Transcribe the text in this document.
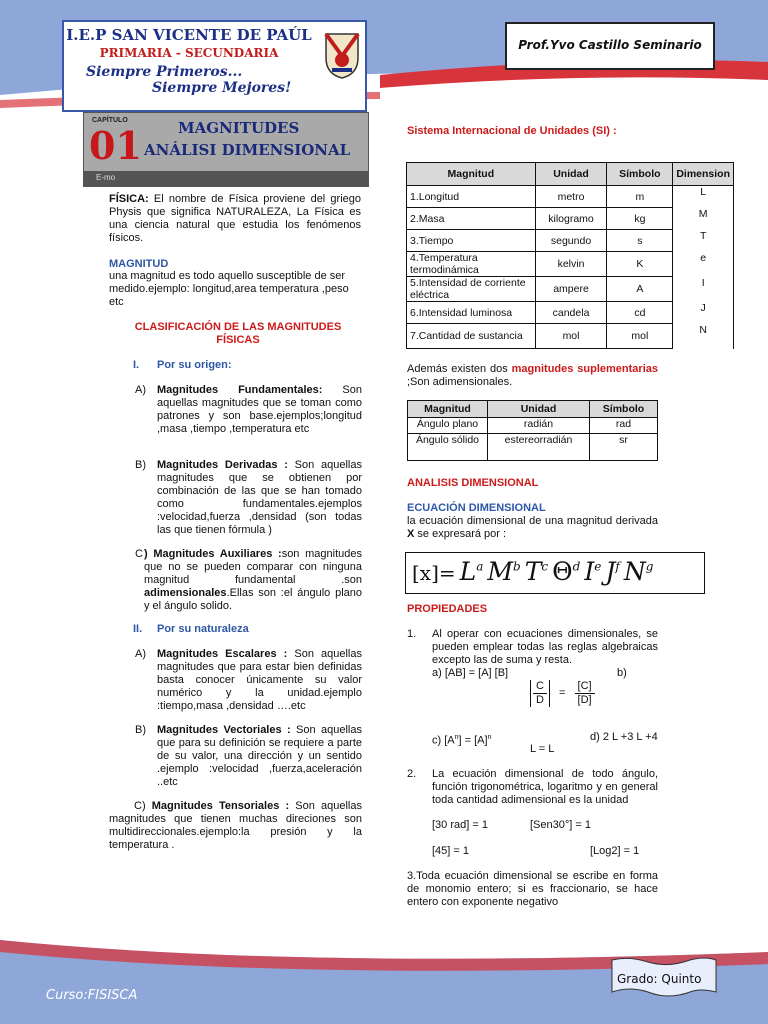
I.E.P SAN VICENTE DE PAÚL
PRIMARIA - SECUNDARIA
Siempre Primeros...
Siempre Mejores!
Prof.Yvo Castillo Seminario
CAPÍTULO
01 MAGNITUDES
ANÁLISI DIMENSIONAL
E-mo
FÍSICA: El nombre de Física proviene del griego Physis que significa NATURALEZA, La Física es una ciencia natural que estudia los fenómenos físicos.
MAGNITUD
una magnitud es todo aquello susceptible de ser medido.ejemplo: longitud,area temperatura ,peso etc
CLASIFICACIÓN DE LAS MAGNITUDES FÍSICAS
I. Por su origen:
A) Magnitudes Fundamentales: Son aquellas magnitudes que se toman como patrones y son base.ejemplos;longitud ,masa ,tiempo ,temperatura etc
B) Magnitudes Derivadas : Son aquellas magnitudes que se obtienen por combinación de las que se han tomado como fundamentales.ejemplos :velocidad,fuerza ,densidad (son todas las que tienen fórmula )
C ) Magnitudes Auxiliares :son magnitudes que no se pueden comparar con ninguna magnitud fundamental .son adimensionales.Ellas son :el ángulo plano y el ángulo solido.
II. Por su naturaleza
A) Magnitudes Escalares : Son aquellas magnitudes que para estar bien definidas basta conocer únicamente su valor numérico y la unidad.ejemplo :tiempo,masa ,densidad ….etc
B) Magnitudes Vectoriales : Son aquellas que para su definición se requiere a parte de su valor, una dirección y un sentido .ejemplo :velocidad ,fuerza,aceleración ..etc
C) Magnitudes Tensoriales : Son aquellas magnitudes que tienen muchas direciones son multidireccionales.ejemplo:la presión y la temperatura .
Sistema Internacional de Unidades (SI) :
Magnitud	Unidad	Símbolo	Dimension
1.Longitud	metro	m	L
2.Masa	kilogramo	kg	M
3.Tiempo	segundo	s	T
4.Temperatura termodinámica	kelvin	K	e
5.Intensidad de corriente eléctrica	ampere	A	I
6.Intensidad luminosa	candela	cd	J
7.Cantidad de sustancia	mol	mol	N
Además existen dos magnitudes suplementarias ;Son adimensionales.
Magnitud	Unidad	Símbolo
Ángulo plano	radián	rad
Ángulo sólido	estereorradián	sr
ANALISIS DIMENSIONAL
ECUACIÓN DIMENSIONAL
la ecuación dimensional de una magnitud derivada X se expresará por :
$[x]= L^a$ $M^b$ $T^c$ $\Theta^d$ Ie $J^f$ $N^g$
PROPIEDADES
1. Al operar con ecuaciones dimensionales, se pueden emplear todas las reglas algebraicas excepto las de suma y resta.
a) [AB] = [A] [B]	b)
$\frac{C}{D} = \frac{[C]}{[D]}$
c) $[A^n] = [A]^n$	d) 2 L +3 L +4
L = L
2. La ecuación dimensional de todo ángulo, función trigonométrica, logaritmo y en general toda cantidad adimensional es la unidad
[30 rad] = 1	[Sen30°] = 1
[45] = 1	[Log2] = 1
3.Toda ecuación dimensional se escribe en forma de monomio entero; si es fraccionario, se hace entero con exponente negativo
Curso:FISISCA
Grado: Quinto
